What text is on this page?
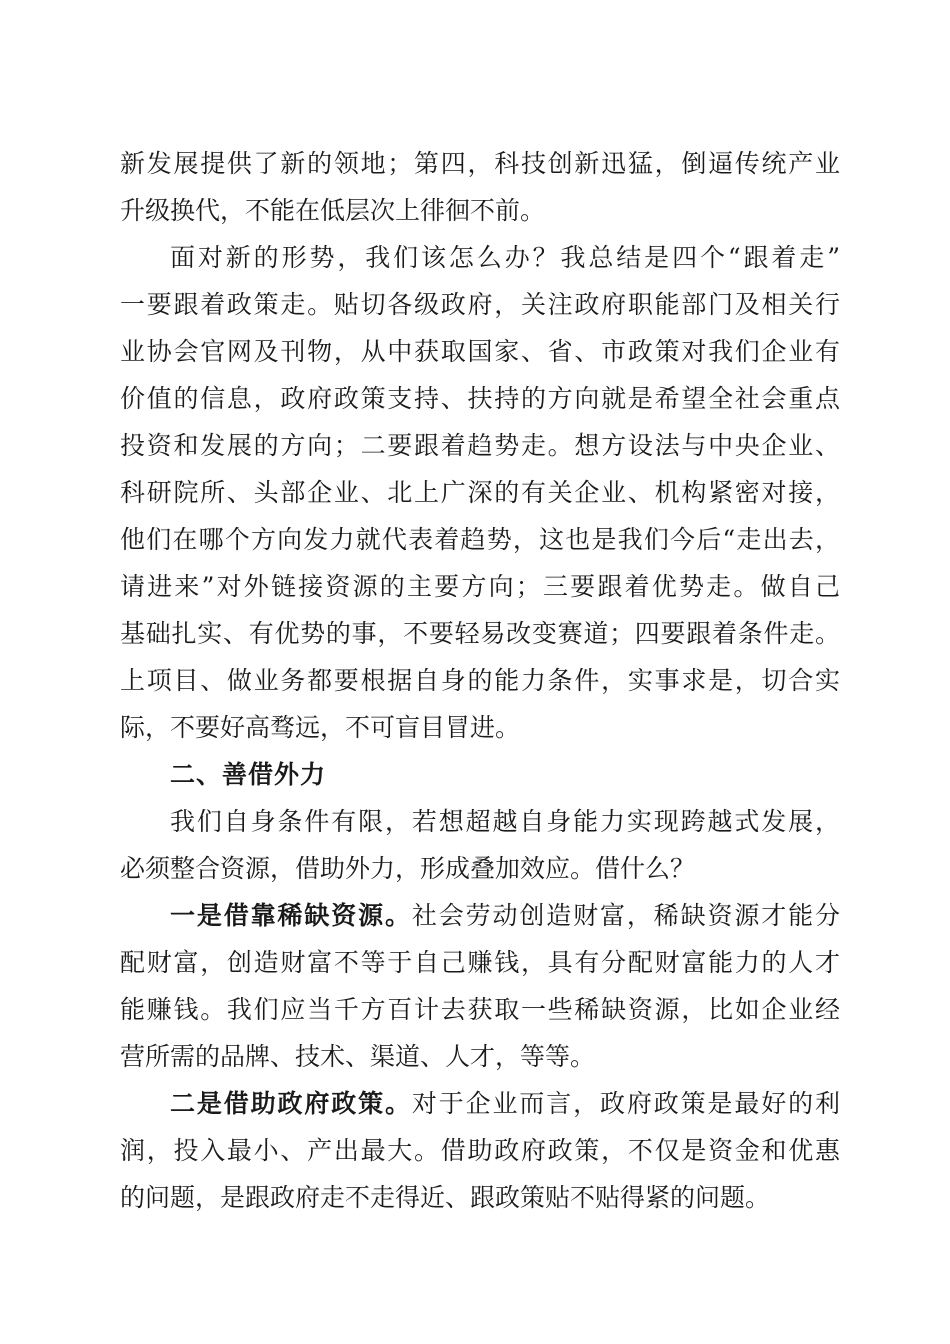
新发展提供了新的领地；第四，科技创新迅猛，倒逼传统产业
升级换代，不能在低层次上徘徊不前。
面对新的形势，我们该怎么办？我总结是四个“跟着走”
一要跟着政策走。贴切各级政府，关注政府职能部门及相关行
业协会官网及刊物，从中获取国家、省、市政策对我们企业有
价值的信息，政府政策支持、扶持的方向就是希望全社会重点
投资和发展的方向；二要跟着趋势走。想方设法与中央企业、
科研院所、头部企业、北上广深的有关企业、机构紧密对接，
他们在哪个方向发力就代表着趋势，这也是我们今后“走出去，
请进来”对外链接资源的主要方向；三要跟着优势走。做自己
基础扎实、有优势的事，不要轻易改变赛道；四要跟着条件走。
上项目、做业务都要根据自身的能力条件，实事求是，切合实
际，不要好高骛远，不可盲目冒进。
二、善借外力
我们自身条件有限，若想超越自身能力实现跨越式发展，
必须整合资源，借助外力，形成叠加效应。借什么？
一是借靠稀缺资源。社会劳动创造财富，稀缺资源才能分
配财富，创造财富不等于自己赚钱，具有分配财富能力的人才
能赚钱。我们应当千方百计去获取一些稀缺资源，比如企业经
营所需的品牌、技术、渠道、人才，等等。
二是借助政府政策。对于企业而言，政府政策是最好的利
润，投入最小、产出最大。借助政府政策，不仅是资金和优惠
的问题，是跟政府走不走得近、跟政策贴不贴得紧的问题。
